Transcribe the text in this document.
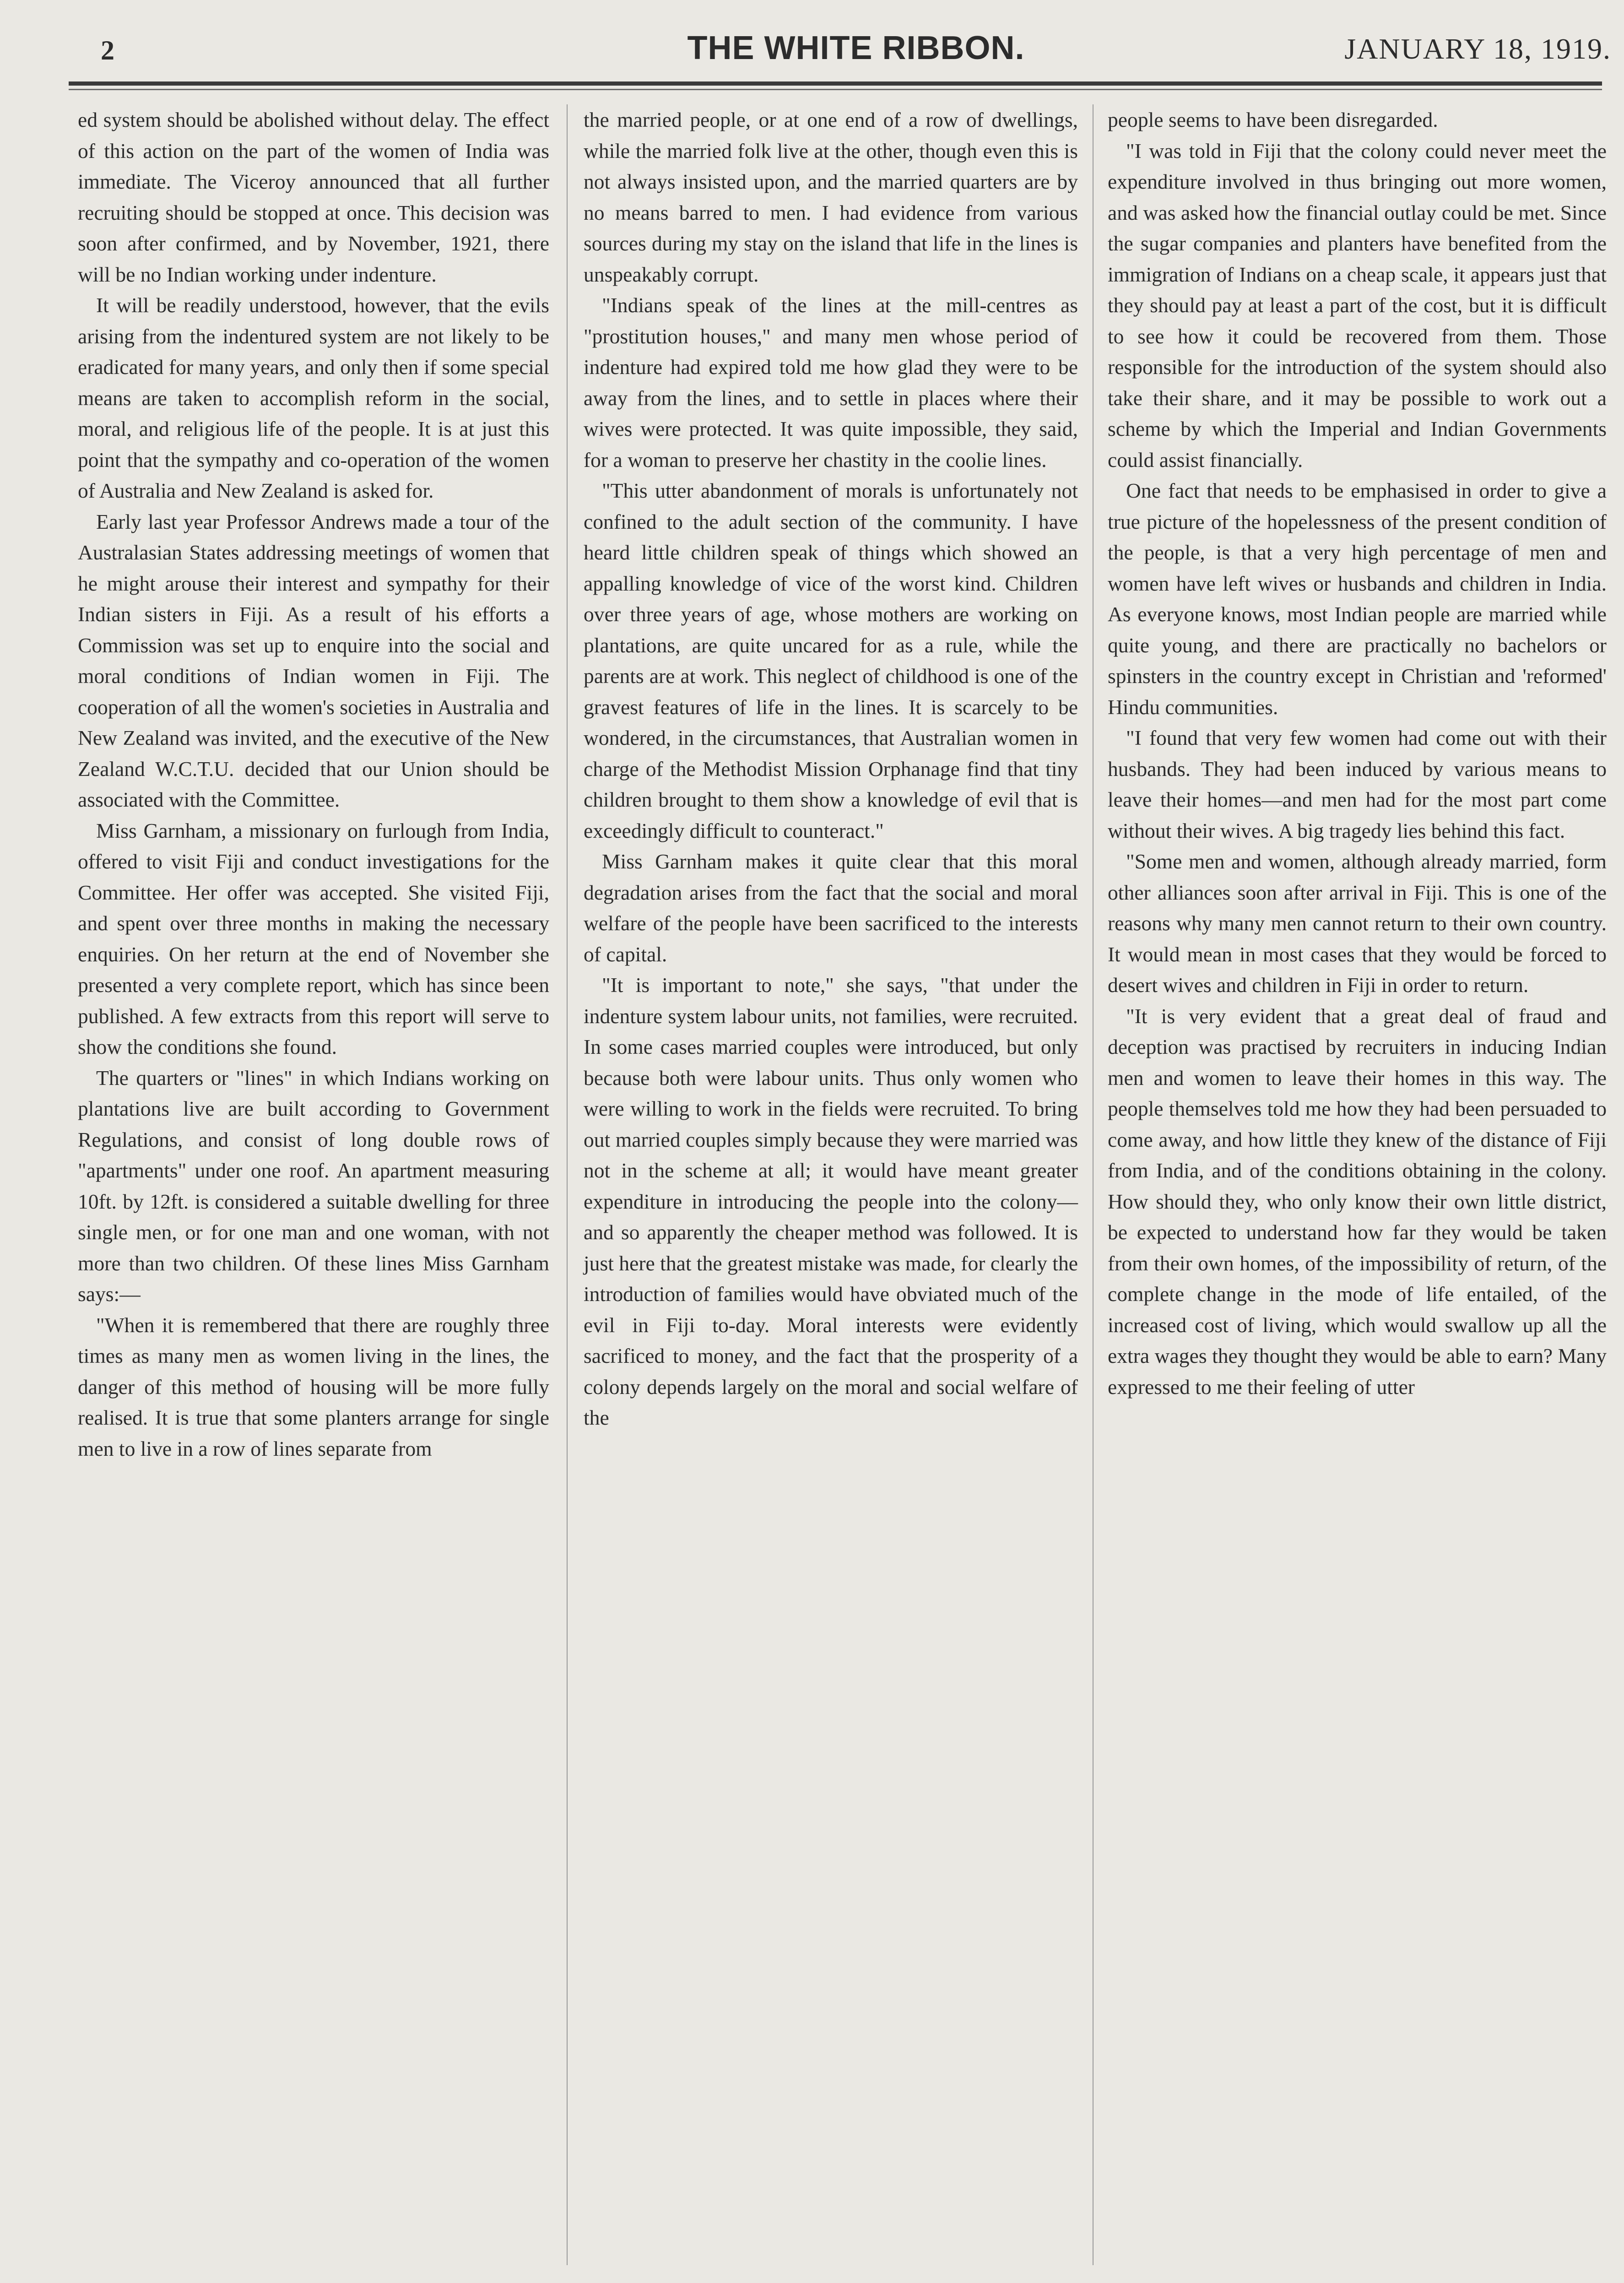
2	THE WHITE RIBBON.	JANUARY 18, 1919.

ed system should be abolished without delay. The effect of this action on the part of the women of India was immediate. The Viceroy announced that all further recruiting should be stopped at once. This decision was soon after confirmed, and by November, 1921, there will be no Indian working under indenture.

It will be readily understood, however, that the evils arising from the indentured system are not likely to be eradicated for many years, and only then if some special means are taken to accomplish reform in the social, moral, and religious life of the people. It is at just this point that the sympathy and co-operation of the women of Australia and New Zealand is asked for.

Early last year Professor Andrews made a tour of the Australasian States addressing meetings of women that he might arouse their interest and sympathy for their Indian sisters in Fiji. As a result of his efforts a Commission was set up to enquire into the social and moral conditions of Indian women in Fiji. The cooperation of all the women's societies in Australia and New Zealand was invited, and the executive of the New Zealand W.C.T.U. decided that our Union should be associated with the Committee.

Miss Garnham, a missionary on furlough from India, offered to visit Fiji and conduct investigations for the Committee. Her offer was accepted. She visited Fiji, and spent over three months in making the necessary enquiries. On her return at the end of November she presented a very complete report, which has since been published. A few extracts from this report will serve to show the conditions she found.

The quarters or "lines" in which Indians working on plantations live are built according to Government Regulations, and consist of long double rows of "apartments" under one roof. An apartment measuring 10ft. by 12ft. is considered a suitable dwelling for three single men, or for one man and one woman, with not more than two children. Of these lines Miss Garnham says:—

"When it is remembered that there are roughly three times as many men as women living in the lines, the danger of this method of housing will be more fully realised. It is true that some planters arrange for single men to live in a row of lines separate from

the married people, or at one end of a row of dwellings, while the married folk live at the other, though even this is not always insisted upon, and the married quarters are by no means barred to men. I had evidence from various sources during my stay on the island that life in the lines is unspeakably corrupt.

"Indians speak of the lines at the mill-centres as "prostitution houses," and many men whose period of indenture had expired told me how glad they were to be away from the lines, and to settle in places where their wives were protected. It was quite impossible, they said, for a woman to preserve her chastity in the coolie lines.

"This utter abandonment of morals is unfortunately not confined to the adult section of the community. I have heard little children speak of things which showed an appalling knowledge of vice of the worst kind. Children over three years of age, whose mothers are working on plantations, are quite uncared for as a rule, while the parents are at work. This neglect of childhood is one of the gravest features of life in the lines. It is scarcely to be wondered, in the circumstances, that Australian women in charge of the Methodist Mission Orphanage find that tiny children brought to them show a knowledge of evil that is exceedingly difficult to counteract."

Miss Garnham makes it quite clear that this moral degradation arises from the fact that the social and moral welfare of the people have been sacrificed to the interests of capital.

"It is important to note," she says, "that under the indenture system labour units, not families, were recruited. In some cases married couples were introduced, but only because both were labour units. Thus only women who were willing to work in the fields were recruited. To bring out married couples simply because they were married was not in the scheme at all; it would have meant greater expenditure in introducing the people into the colony—and so apparently the cheaper method was followed. It is just here that the greatest mistake was made, for clearly the introduction of families would have obviated much of the evil in Fiji to-day. Moral interests were evidently sacrificed to money, and the fact that the prosperity of a colony depends largely on the moral and social welfare of the

people seems to have been disregarded.

"I was told in Fiji that the colony could never meet the expenditure involved in thus bringing out more women, and was asked how the financial outlay could be met. Since the sugar companies and planters have benefited from the immigration of Indians on a cheap scale, it appears just that they should pay at least a part of the cost, but it is difficult to see how it could be recovered from them. Those responsible for the introduction of the system should also take their share, and it may be possible to work out a scheme by which the Imperial and Indian Governments could assist financially.

One fact that needs to be emphasised in order to give a true picture of the hopelessness of the present condition of the people, is that a very high percentage of men and women have left wives or husbands and children in India. As everyone knows, most Indian people are married while quite young, and there are practically no bachelors or spinsters in the country except in Christian and 'reformed' Hindu communities.

"I found that very few women had come out with their husbands. They had been induced by various means to leave their homes—and men had for the most part come without their wives. A big tragedy lies behind this fact.

"Some men and women, although already married, form other alliances soon after arrival in Fiji. This is one of the reasons why many men cannot return to their own country. It would mean in most cases that they would be forced to desert wives and children in Fiji in order to return.

"It is very evident that a great deal of fraud and deception was practised by recruiters in inducing Indian men and women to leave their homes in this way. The people themselves told me how they had been persuaded to come away, and how little they knew of the distance of Fiji from India, and of the conditions obtaining in the colony. How should they, who only know their own little district, be expected to understand how far they would be taken from their own homes, of the impossibility of return, of the complete change in the mode of life entailed, of the increased cost of living, which would swallow up all the extra wages they thought they would be able to earn? Many expressed to me their feeling of utter
